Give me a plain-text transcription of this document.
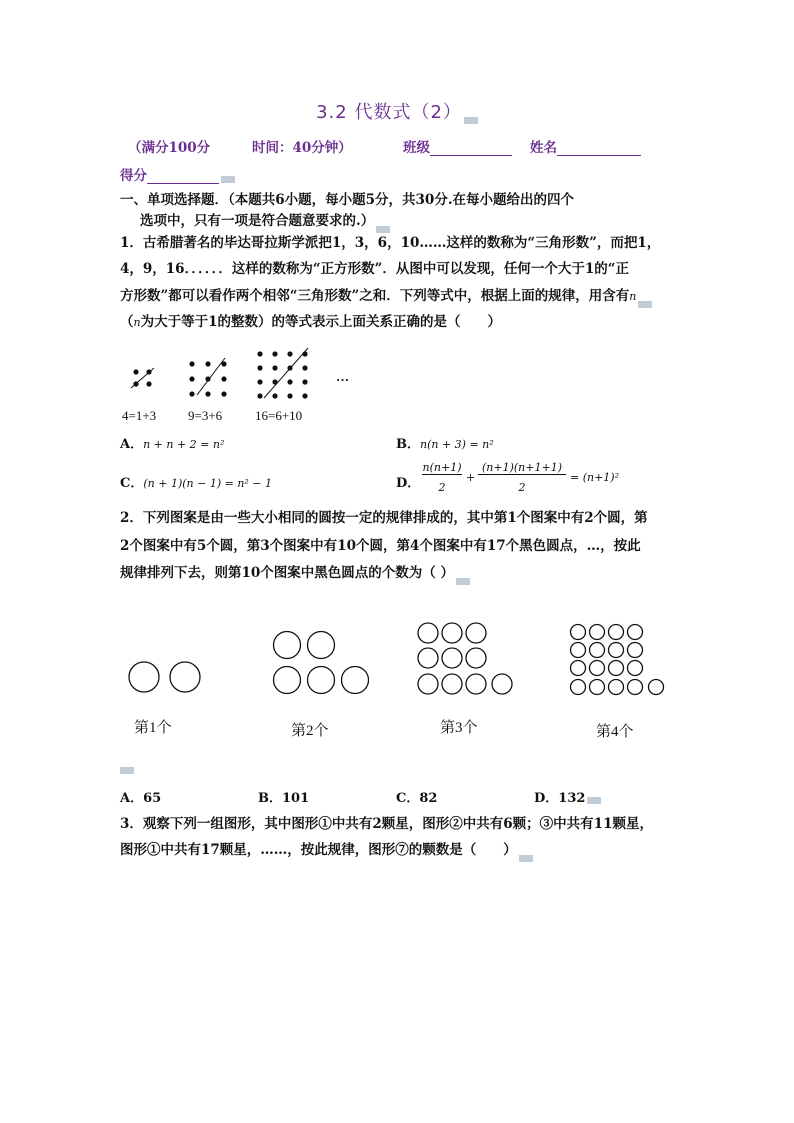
3.2 代数式（2）
（满分100分	时间：40分钟）	班级	姓名
得分
一、单项选择题．（本题共6小题，每小题5分，共30分.在每小题给出的四个
选项中，只有一项是符合题意要求的.）
1．古希腊著名的毕达哥拉斯学派把1，3，6，10……这样的数称为“三角形数”，而把1，
4，9，16．．．．．．这样的数称为“正方形数”．从图中可以发现，任何一个大于1的“正
方形数”都可以看作两个相邻“三角形数”之和．下列等式中，根据上面的规律，用含有n
（n为大于等于1的整数）的等式表示上面关系正确的是（　　）
…
4=1+3 9=3+6	16=6+10
A．n + n + 2 = n²	B．n(n + 3) = n²
C．(n + 1)(n − 1) = n² − 1	D．
n(n+1)
2
+
(n+1)(n+1+1)
2
= (n+1)²
2．下列图案是由一些大小相同的圆按一定的规律排成的，其中第1个图案中有2个圆，第
2个图案中有5个圆，第3个图案中有10个圆，第4个图案中有17个黑色圆点，…，按此
规律排列下去，则第10个图案中黑色圆点的个数为（ ）
第1个	第2个	第3个	第4个
A．65	B．101	C．82	D．132
3．观察下列一组图形，其中图形①中共有2颗星，图形②中共有6颗；③中共有11颗星，
图形①中共有17颗星，……，按此规律，图形⑦的颗数是（　　）
